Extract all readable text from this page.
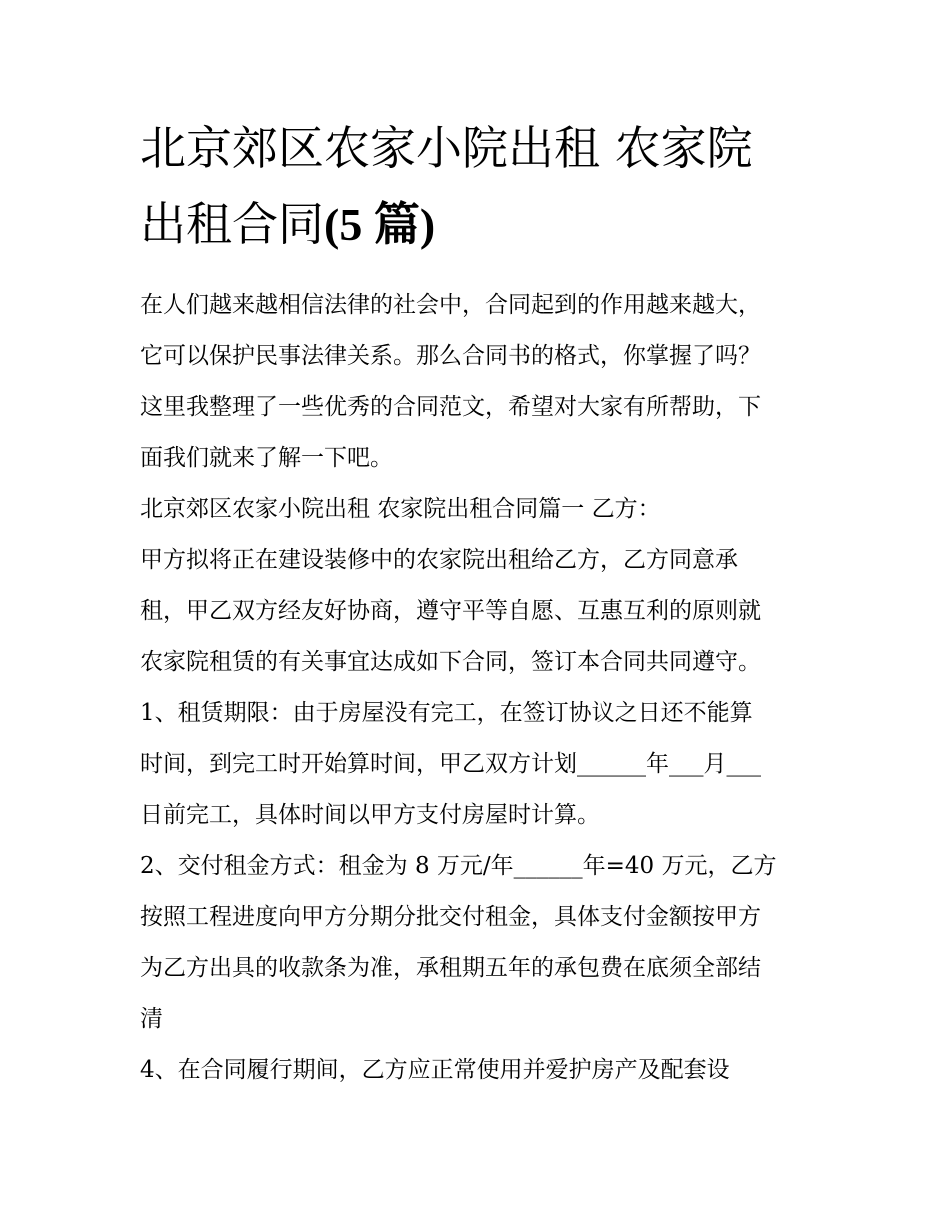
北京郊区农家小院出租 农家院
出租合同(5 篇)
在人们越来越相信法律的社会中，合同起到的作用越来越大，
它可以保护民事法律关系。那么合同书的格式，你掌握了吗？
这里我整理了一些优秀的合同范文，希望对大家有所帮助，下
面我们就来了解一下吧。
北京郊区农家小院出租 农家院出租合同篇一 乙方：
甲方拟将正在建设装修中的农家院出租给乙方，乙方同意承
租，甲乙双方经友好协商，遵守平等自愿、互惠互利的原则就
农家院租赁的有关事宜达成如下合同，签订本合同共同遵守。
1、租赁期限：由于房屋没有完工，在签订协议之日还不能算
时间，到完工时开始算时间，甲乙双方计划______年___月___
日前完工，具体时间以甲方支付房屋时计算。
2、交付租金方式：租金为 8 万元/年______年=40 万元，乙方
按照工程进度向甲方分期分批交付租金，具体支付金额按甲方
为乙方出具的收款条为准，承租期五年的承包费在底须全部结
清
4、在合同履行期间，乙方应正常使用并爱护房产及配套设
